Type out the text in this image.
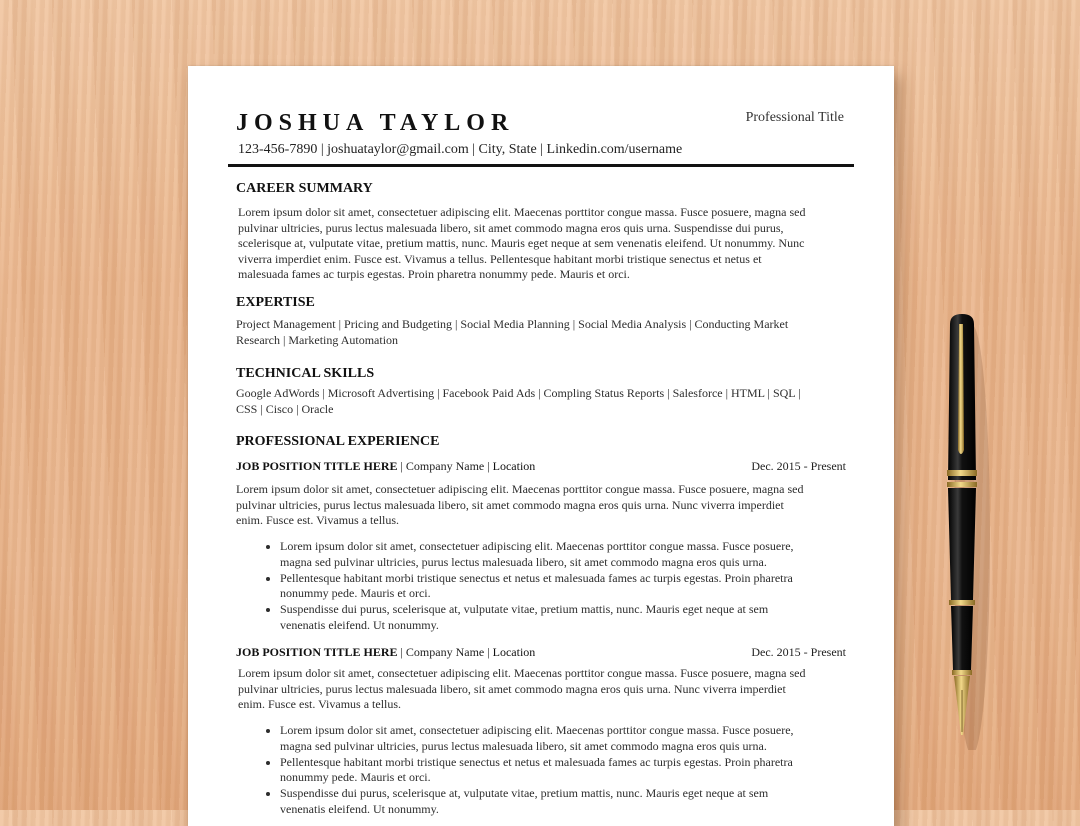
JOSHUA TAYLOR	Professional Title
123-456-7890 | joshuataylor@gmail.com | City, State | Linkedin.com/username
CAREER SUMMARY
Lorem ipsum dolor sit amet, consectetuer adipiscing elit. Maecenas porttitor congue massa. Fusce posuere, magna sed
pulvinar ultricies, purus lectus malesuada libero, sit amet commodo magna eros quis urna. Suspendisse dui purus,
scelerisque at, vulputate vitae, pretium mattis, nunc. Mauris eget neque at sem venenatis eleifend. Ut nonummy. Nunc
viverra imperdiet enim. Fusce est. Vivamus a tellus. Pellentesque habitant morbi tristique senectus et netus et
malesuada fames ac turpis egestas. Proin pharetra nonummy pede. Mauris et orci.
EXPERTISE
Project Management | Pricing and Budgeting | Social Media Planning | Social Media Analysis | Conducting Market
Research | Marketing Automation
TECHNICAL SKILLS
Google AdWords | Microsoft Advertising | Facebook Paid Ads | Compling Status Reports | Salesforce | HTML | SQL |
CSS | Cisco | Oracle
PROFESSIONAL EXPERIENCE
JOB POSITION TITLE HERE | Company Name | Location	Dec. 2015 - Present
Lorem ipsum dolor sit amet, consectetuer adipiscing elit. Maecenas porttitor congue massa. Fusce posuere, magna sed
pulvinar ultricies, purus lectus malesuada libero, sit amet commodo magna eros quis urna. Nunc viverra imperdiet
enim. Fusce est. Vivamus a tellus.
• Lorem ipsum dolor sit amet, consectetuer adipiscing elit. Maecenas porttitor congue massa. Fusce posuere,
magna sed pulvinar ultricies, purus lectus malesuada libero, sit amet commodo magna eros quis urna.
• Pellentesque habitant morbi tristique senectus et netus et malesuada fames ac turpis egestas. Proin pharetra
nonummy pede. Mauris et orci.
• Suspendisse dui purus, scelerisque at, vulputate vitae, pretium mattis, nunc. Mauris eget neque at sem
venenatis eleifend. Ut nonummy.
JOB POSITION TITLE HERE | Company Name | Location	Dec. 2015 - Present
Lorem ipsum dolor sit amet, consectetuer adipiscing elit. Maecenas porttitor congue massa. Fusce posuere, magna sed
pulvinar ultricies, purus lectus malesuada libero, sit amet commodo magna eros quis urna. Nunc viverra imperdiet
enim. Fusce est. Vivamus a tellus.
• Lorem ipsum dolor sit amet, consectetuer adipiscing elit. Maecenas porttitor congue massa. Fusce posuere,
magna sed pulvinar ultricies, purus lectus malesuada libero, sit amet commodo magna eros quis urna.
• Pellentesque habitant morbi tristique senectus et netus et malesuada fames ac turpis egestas. Proin pharetra
nonummy pede. Mauris et orci.
• Suspendisse dui purus, scelerisque at, vulputate vitae, pretium mattis, nunc. Mauris eget neque at sem
venenatis eleifend. Ut nonummy.
